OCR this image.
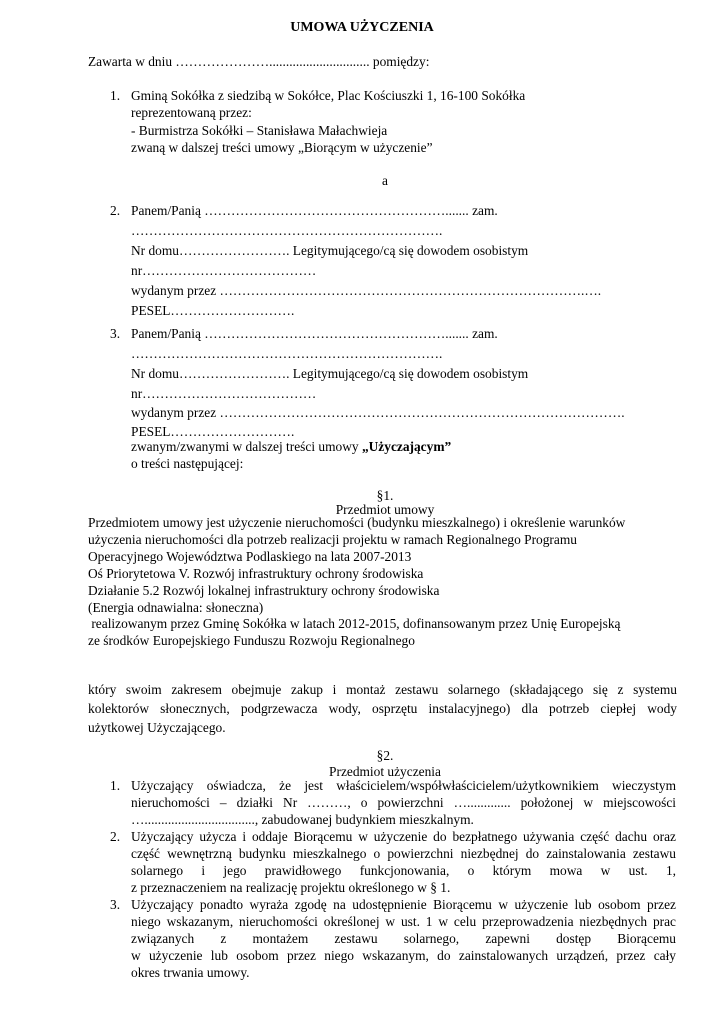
UMOWA UŻYCZENIA
Zawarta w dniu ………………….............................. pomiędzy:
1. Gminą Sokółka z siedzibą w Sokółce, Plac Kościuszki 1, 16-100 Sokółka
reprezentowaną przez:
- Burmistrza Sokółki – Stanisława Małachwieja
zwaną w dalszej treści umowy „Biorącym w użyczenie”
a
2. Panem/Panią ………………………………………………....... zam.
…………………………………………………………….
Nr domu……………………. Legitymującego/cą się dowodem osobistym
nr…………………………………
wydanym przez ……………………………………………………………………….….
PESEL……………………….
3. Panem/Panią ………………………………………………....... zam.
…………………………………………………………….
Nr domu……………………. Legitymującego/cą się dowodem osobistym
nr…………………………………
wydanym przez ……………………………………………………………………………….
PESEL……………………….
zwanym/zwanymi w dalszej treści umowy „Użyczającym”
o treści następującej:
§1.
Przedmiot umowy
Przedmiotem umowy jest użyczenie nieruchomości (budynku mieszkalnego) i określenie warunków
użyczenia nieruchomości dla potrzeb realizacji projektu w ramach Regionalnego Programu
Operacyjnego Województwa Podlaskiego na lata 2007-2013
Oś Priorytetowa V. Rozwój infrastruktury ochrony środowiska
Działanie 5.2 Rozwój lokalnej infrastruktury ochrony środowiska
(Energia odnawialna: słoneczna)
realizowanym przez Gminę Sokółka w latach 2012-2015, dofinansowanym przez Unię Europejską
ze środków Europejskiego Funduszu Rozwoju Regionalnego
który swoim zakresem obejmuje zakup i montaż zestawu solarnego (składającego się z systemu
kolektorów słonecznych, podgrzewacza wody, osprzętu instalacyjnego) dla potrzeb ciepłej wody
użytkowej Użyczającego.
§2.
Przedmiot użyczenia
1. Użyczający oświadcza, że jest właścicielem/współwłaścicielem/użytkownikiem wieczystym
nieruchomości – działki Nr ………, o powierzchni …............. położonej w miejscowości
…................................., zabudowanej budynkiem mieszkalnym.
2. Użyczający użycza i oddaje Biorącemu w użyczenie do bezpłatnego używania część dachu oraz
część wewnętrzną budynku mieszkalnego o powierzchni niezbędnej do zainstalowania zestawu
solarnego i jego prawidłowego funkcjonowania, o którym mowa w ust. 1,
z przeznaczeniem na realizację projektu określonego w § 1.
3. Użyczający ponadto wyraża zgodę na udostępnienie Biorącemu w użyczenie lub osobom przez
niego wskazanym, nieruchomości określonej w ust. 1 w celu przeprowadzenia niezbędnych prac
związanych z montażem zestawu solarnego, zapewni dostęp Biorącemu
w użyczenie lub osobom przez niego wskazanym, do zainstalowanych urządzeń, przez cały
okres trwania umowy.
